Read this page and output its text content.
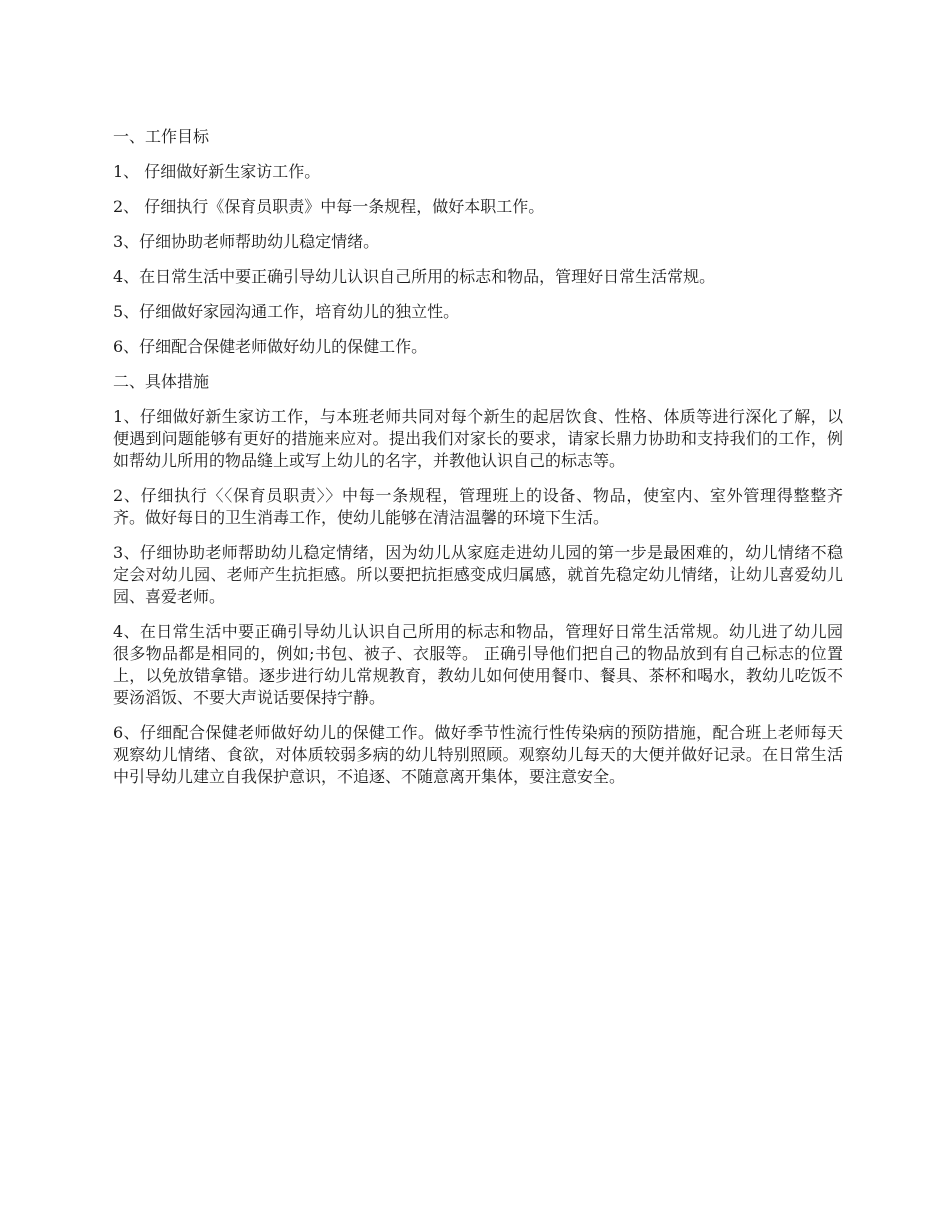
一、工作目标
1、 仔细做好新生家访工作。
2、 仔细执行《保育员职责》中每一条规程，做好本职工作。
3、仔细协助老师帮助幼儿稳定情绪。
4、在日常生活中要正确引导幼儿认识自己所用的标志和物品，管理好日常生活常规。
5、仔细做好家园沟通工作，培育幼儿的独立性。
6、仔细配合保健老师做好幼儿的保健工作。
二、具体措施
1、仔细做好新生家访工作，与本班老师共同对每个新生的起居饮食、性格、体质等进行深化了解，以便遇到问题能够有更好的措施来应对。提出我们对家长的要求，请家长鼎力协助和支持我们的工作，例如帮幼儿所用的物品缝上或写上幼儿的名字，并教他认识自己的标志等。
2、仔细执行〈〈保育员职责〉〉中每一条规程，管理班上的设备、物品，使室内、室外管理得整整齐齐。做好每日的卫生消毒工作，使幼儿能够在清洁温馨的环境下生活。
3、仔细协助老师帮助幼儿稳定情绪，因为幼儿从家庭走进幼儿园的第一步是最困难的，幼儿情绪不稳定会对幼儿园、老师产生抗拒感。所以要把抗拒感变成归属感，就首先稳定幼儿情绪，让幼儿喜爱幼儿园、喜爱老师。
4、在日常生活中要正确引导幼儿认识自己所用的标志和物品，管理好日常生活常规。幼儿进了幼儿园很多物品都是相同的，例如;书包、被子、衣服等。 正确引导他们把自己的物品放到有自己标志的位置上，以免放错拿错。逐步进行幼儿常规教育，教幼儿如何使用餐巾、餐具、茶杯和喝水，教幼儿吃饭不要汤滔饭、不要大声说话要保持宁静。
6、仔细配合保健老师做好幼儿的保健工作。做好季节性流行性传染病的预防措施，配合班上老师每天观察幼儿情绪、食欲，对体质较弱多病的幼儿特别照顾。观察幼儿每天的大便并做好记录。在日常生活中引导幼儿建立自我保护意识，不追逐、不随意离开集体，要注意安全。
